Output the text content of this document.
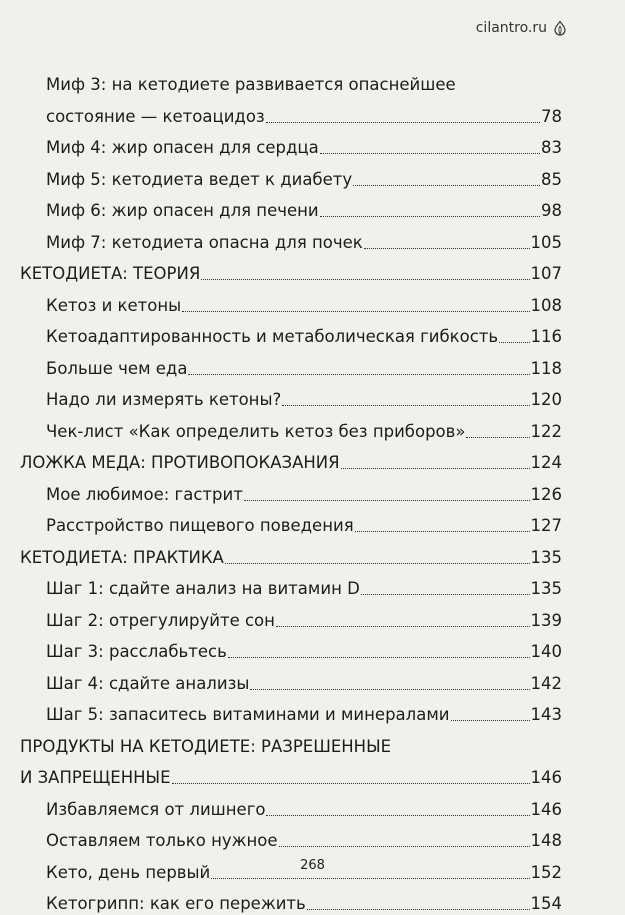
cilantro.ru
Миф 3: на кетодиете развивается опаснейшее
состояние — кетоацидоз	78
Миф 4: жир опасен для сердца	83
Миф 5: кетодиета ведет к диабету	85
Миф 6: жир опасен для печени	98
Миф 7: кетодиета опасна для почек	105
КЕТОДИЕТА: ТЕОРИЯ	107
Кетоз и кетоны	108
Кетоадаптированность и метаболическая гибкость 116
Больше чем еда	118
Надо ли измерять кетоны?	120
Чек-лист «Как определить кетоз без приборов»	122
ЛОЖКА МЕДА: ПРОТИВОПОКАЗАНИЯ	124
Мое любимое: гастрит	126
Расстройство пищевого поведения	127
КЕТОДИЕТА: ПРАКТИКА	135
Шаг 1: сдайте анализ на витамин D	135
Шаг 2: отрегулируйте сон	139
Шаг 3: расслабьтесь	140
Шаг 4: сдайте анализы	142
Шаг 5: запаситесь витаминами и минералами	143
ПРОДУКТЫ НА КЕТОДИЕТЕ: РАЗРЕШЕННЫЕ
И ЗАПРЕЩЕННЫЕ	146
Избавляемся от лишнего	146
Оставляем только нужное	148
Кето, день первый	152
Кетогрипп: как его пережить	154
268
